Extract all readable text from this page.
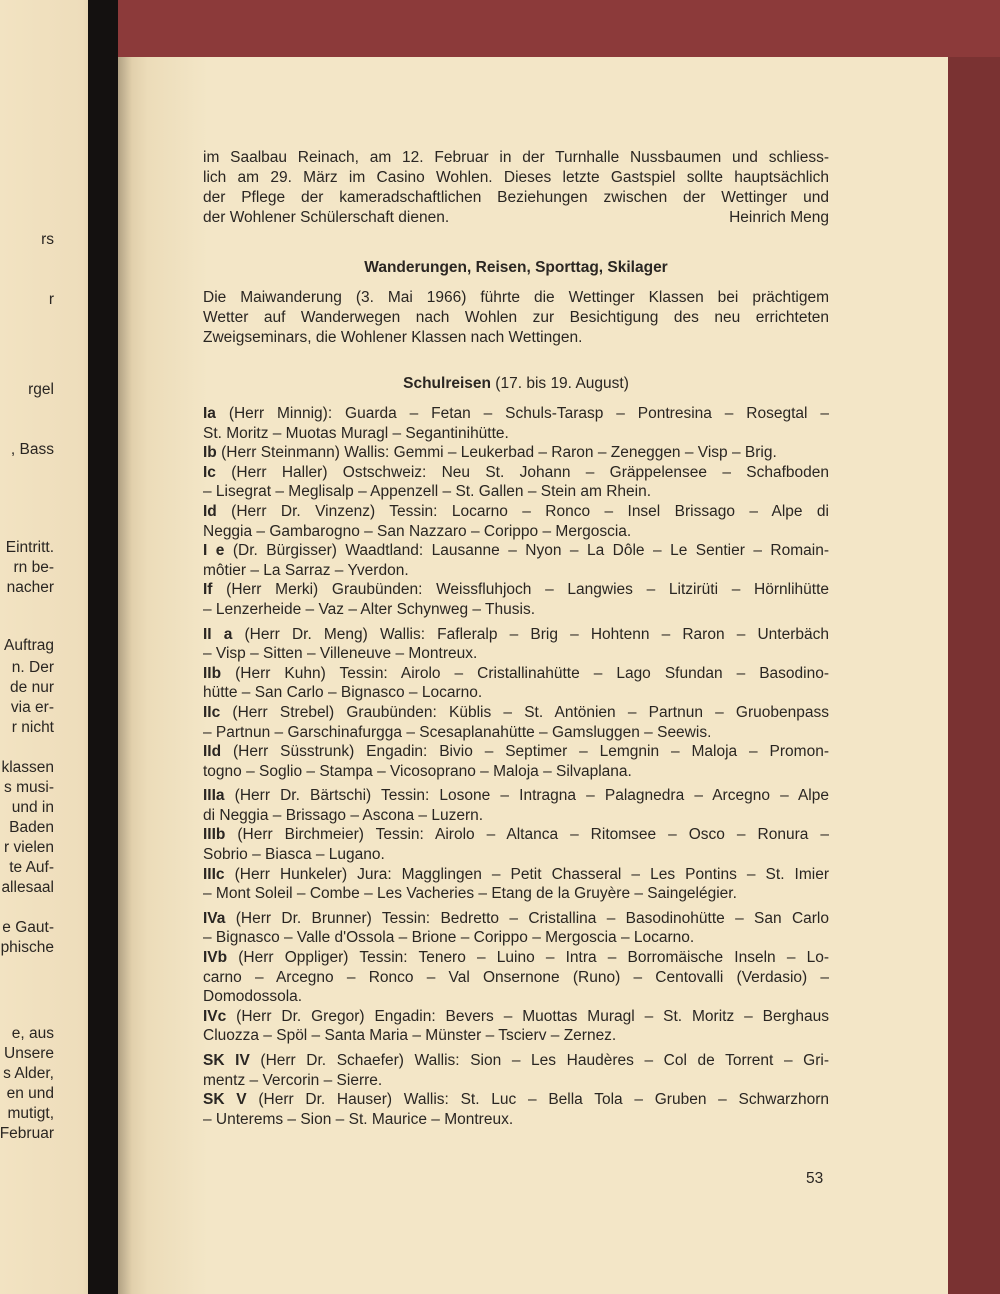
rs
r
rgel
, Bass
Eintritt.
rn be-
nacher
Auftrag
n. Der
de nur
via er-
r nicht
klassen
s musi-
und in
Baden
r vielen
te Auf-
allesaal
e Gaut-
phische
e, aus
Unsere
s Alder,
en und
mutigt,
Februar

im Saalbau Reinach, am 12. Februar in der Turnhalle Nussbaumen und schliess-

lich am 29. März im Casino Wohlen. Dieses letzte Gastspiel sollte hauptsächlich

der Pflege der kameradschaftlichen Beziehungen zwischen der Wettinger und

der Wohlener Schülerschaft dienen.	Heinrich Meng

Wanderungen, Reisen, Sporttag, Skilager

Die Maiwanderung (3. Mai 1966) führte die Wettinger Klassen bei prächtigem

Wetter auf Wanderwegen nach Wohlen zur Besichtigung des neu errichteten

Zweigseminars, die Wohlener Klassen nach Wettingen.

Schulreisen (17. bis 19. August)
Ia (Herr Minnig): Guarda – Fetan – Schuls-Tarasp – Pontresina – Rosegtal –
St. Moritz – Muotas Muragl – Segantinihütte.
Ib (Herr Steinmann) Wallis: Gemmi – Leukerbad – Raron – Zeneggen – Visp – Brig.
Ic (Herr Haller) Ostschweiz: Neu St. Johann – Gräppelensee – Schafboden
– Lisegrat – Meglisalp – Appenzell – St. Gallen – Stein am Rhein.
Id (Herr Dr. Vinzenz) Tessin: Locarno – Ronco – Insel Brissago – Alpe di
Neggia – Gambarogno – San Nazzaro – Corippo – Mergoscia.
I e (Dr. Bürgisser) Waadtland: Lausanne – Nyon – La Dôle – Le Sentier – Romain-
môtier – La Sarraz – Yverdon.
If (Herr Merki) Graubünden: Weissfluhjoch – Langwies – Litzirüti – Hörnlihütte
– Lenzerheide – Vaz – Alter Schynweg – Thusis.
II a (Herr Dr. Meng) Wallis: Fafleralp – Brig – Hohtenn – Raron – Unterbäch
– Visp – Sitten – Villeneuve – Montreux.
IIb (Herr Kuhn) Tessin: Airolo – Cristallinahütte – Lago Sfundan – Basodino-
hütte – San Carlo – Bignasco – Locarno.
IIc (Herr Strebel) Graubünden: Küblis – St. Antönien – Partnun – Gruobenpass
– Partnun – Garschinafurgga – Scesaplanahütte – Gamsluggen – Seewis.
IId (Herr Süsstrunk) Engadin: Bivio – Septimer – Lemgnin – Maloja – Promon-
togno – Soglio – Stampa – Vicosoprano – Maloja – Silvaplana.
IIIa (Herr Dr. Bärtschi) Tessin: Losone – Intragna – Palagnedra – Arcegno – Alpe
di Neggia – Brissago – Ascona – Luzern.
IIIb (Herr Birchmeier) Tessin: Airolo – Altanca – Ritomsee – Osco – Ronura –
Sobrio – Biasca – Lugano.
IIIc (Herr Hunkeler) Jura: Magglingen – Petit Chasseral – Les Pontins – St. Imier
– Mont Soleil – Combe – Les Vacheries – Etang de la Gruyère – Saingelégier.
IVa (Herr Dr. Brunner) Tessin: Bedretto – Cristallina – Basodinohütte – San Carlo
– Bignasco – Valle d'Ossola – Brione – Corippo – Mergoscia – Locarno.
IVb (Herr Oppliger) Tessin: Tenero – Luino – Intra – Borromäische Inseln – Lo-
carno – Arcegno – Ronco – Val Onsernone (Runo) – Centovalli (Verdasio) –
Domodossola.
IVc (Herr Dr. Gregor) Engadin: Bevers – Muottas Muragl – St. Moritz – Berghaus
Cluozza – Spöl – Santa Maria – Münster – Tscierv – Zernez.
SK IV (Herr Dr. Schaefer) Wallis: Sion – Les Haudères – Col de Torrent – Gri-
mentz – Vercorin – Sierre.
SK V (Herr Dr. Hauser) Wallis: St. Luc – Bella Tola – Gruben – Schwarzhorn
– Unterems – Sion – St. Maurice – Montreux.
53
